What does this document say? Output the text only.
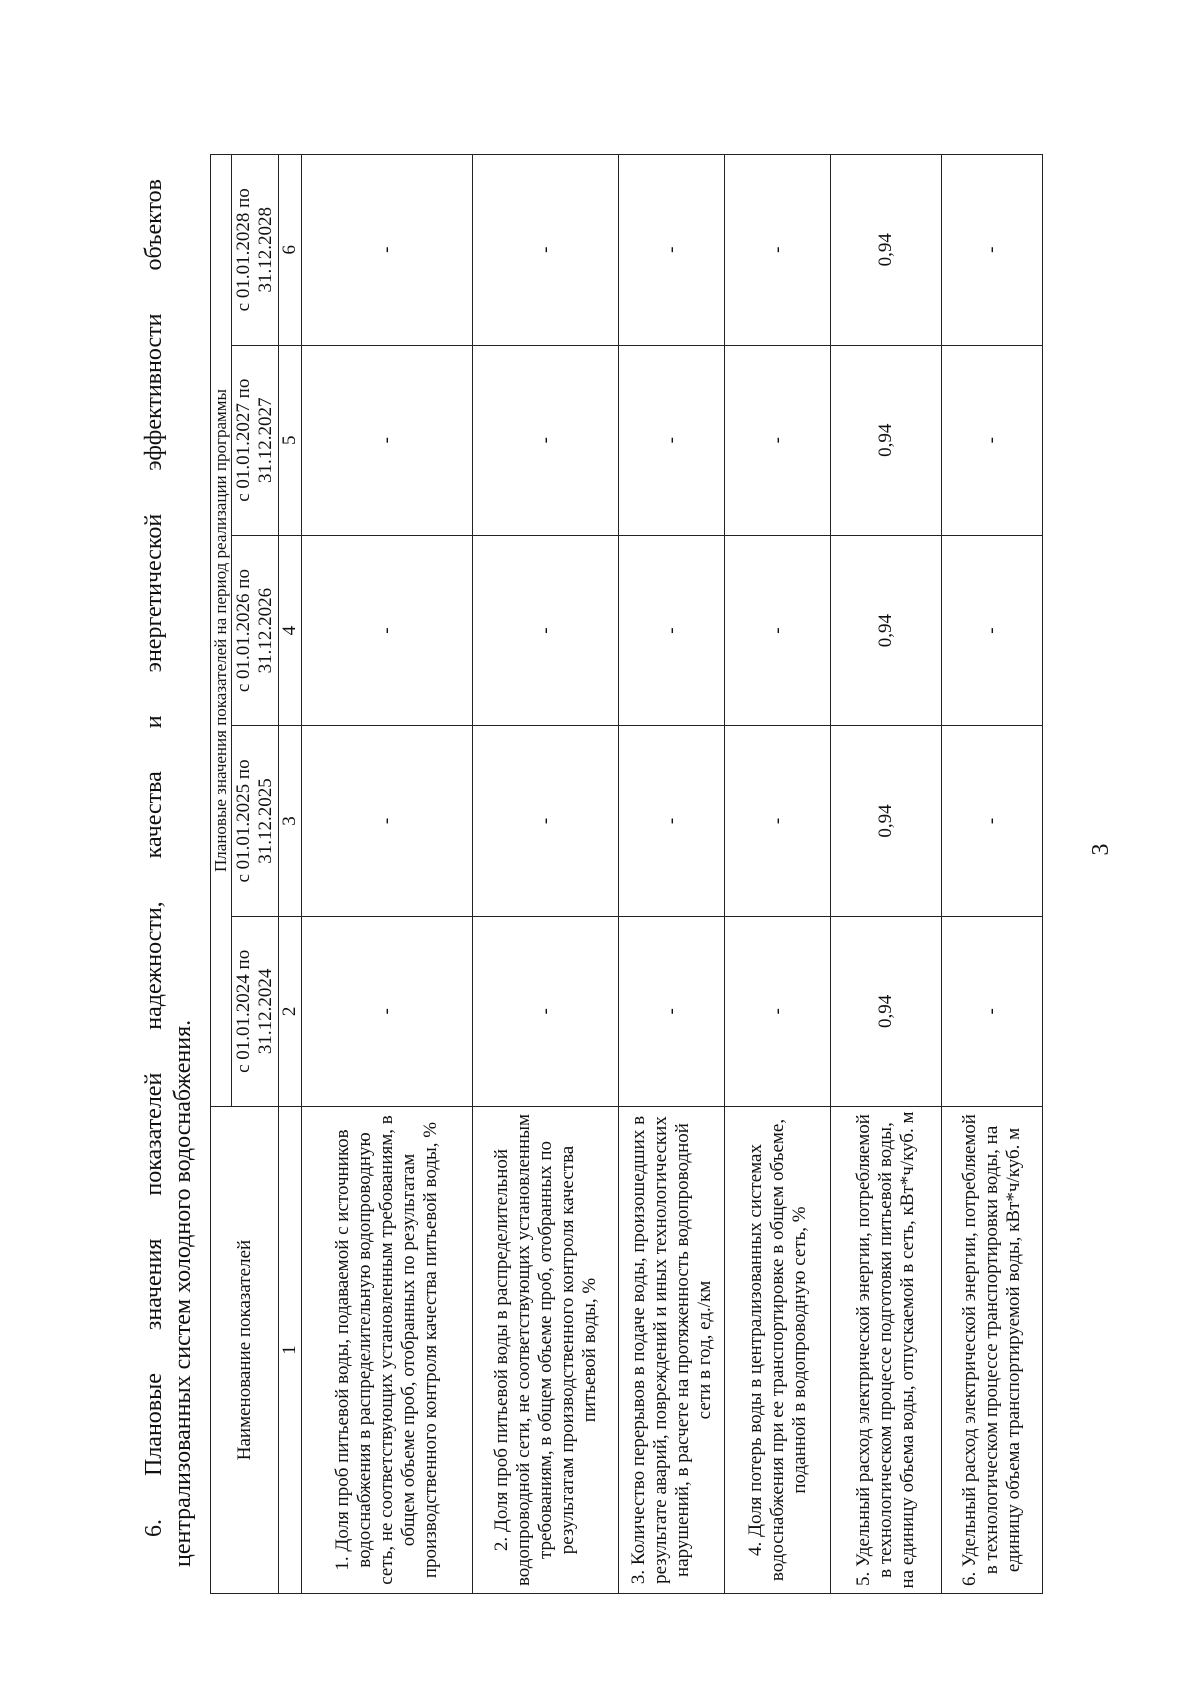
3
6.
Плановые
значения
показателей
надежности,
качества
и
энергетической
эффективности
объектов
централизованных систем холодного водоснабжения. Наименование показателей	Плановые значения показателей на период реализации программы				
	с 01.01.2024 по 31.12.2024	с 01.01.2025 по 31.12.2025	с 01.01.2026 по 31.12.2026	с 01.01.2027 по 31.12.2027	с 01.01.2028 по 31.12.2028
1	2	3	4	5	6
1. Доля проб питьевой воды, подаваемой с источников водоснабжения в распределительную водопроводную сеть, не соответствующих установленным требованиям, в общем объеме проб, отобранных по результатам производственного контроля качества питьевой воды, %	-	-	-	-	-
2. Доля проб питьевой воды в распределительной водопроводной сети, не соответствующих установленным требованиям, в общем объеме проб, отобранных по результатам производственного контроля качества питьевой воды, %	-	-	-	-	-
3. Количество перерывов в подаче воды, произошедших в результате аварий, повреждений и иных технологических нарушений, в расчете на протяженность водопроводной сети в год, ед./км	-	-	-	-	-
4. Доля потерь воды в централизованных системах водоснабжения при ее транспортировке в общем объеме, поданной в водопроводную сеть, %	-	-	-	-	-
5. Удельный расход электрической энергии, потребляемой в технологическом процессе подготовки питьевой воды, на единицу объема воды, отпускаемой в сеть, кВт*ч/куб. м	0,94	0,94	0,94	0,94	0,94
6. Удельный расход электрической энергии, потребляемой в технологическом процессе транспортировки воды, на единицу объема транспортируемой воды, кВт*ч/куб. м	-	-	-	-	-
